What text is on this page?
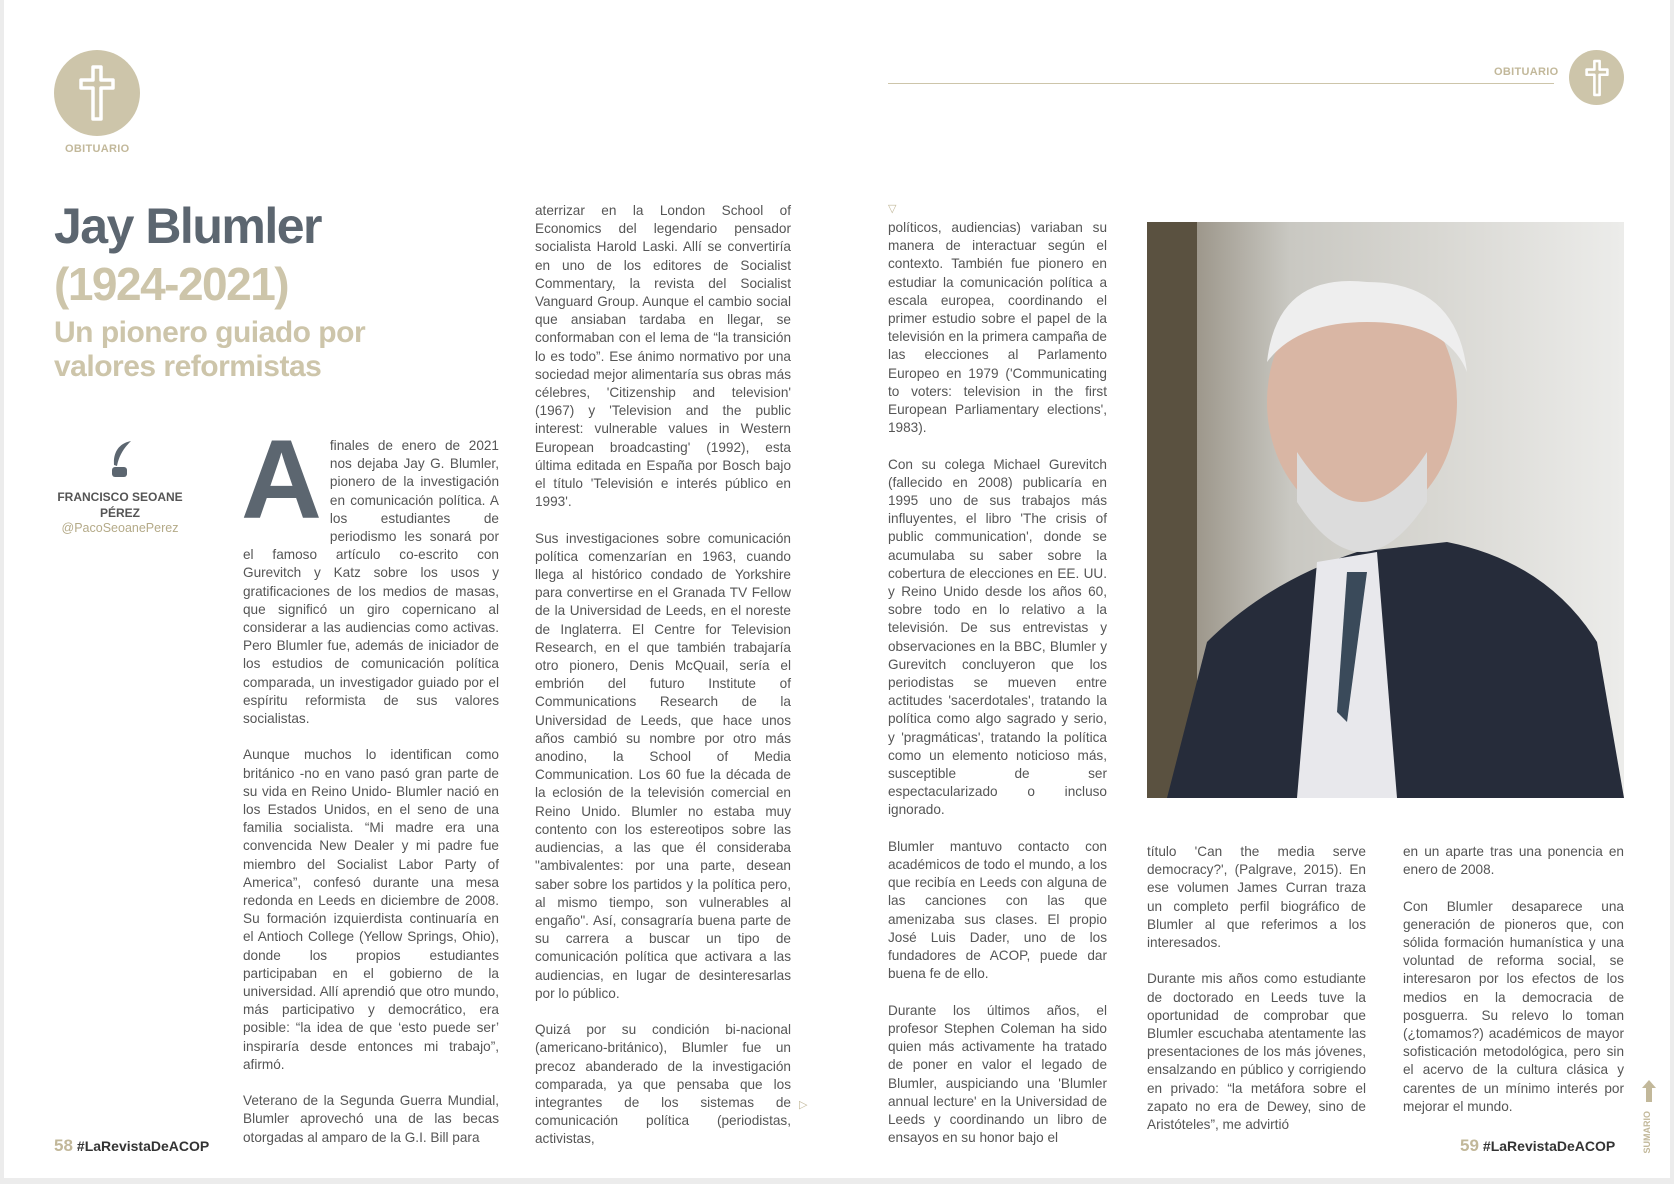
OBITUARIO
OBITUARIO
Jay Blumler
(1924-2021)
Un pionero guiado por valores reformistas
FRANCISCO SEOANE PÉREZ
@PacoSeoanePerez A finales de enero de 2021 nos dejaba Jay G. Blumler, pionero de la investigación en comunicación política. A los estudiantes de periodismo les sonará por el famoso artículo co-escrito con Gurevitch y Katz sobre los usos y gratificaciones de los medios de masas, que significó un giro copernicano al considerar a las audiencias como activas. Pero Blumler fue, además de iniciador de los estudios de comunicación política comparada, un investigador guiado por el espíritu reformista de sus valores socialistas.

Aunque muchos lo identifican como británico -no en vano pasó gran parte de su vida en Reino Unido- Blumler nació en los Estados Unidos, en el seno de una familia socialista. “Mi madre era una convencida New Dealer y mi padre fue miembro del Socialist Labor Party of America”, confesó durante una mesa redonda en Leeds en diciembre de 2008. Su formación izquierdista continuaría en el Antioch College (Yellow Springs, Ohio), donde los propios estudiantes participaban en el gobierno de la universidad. Allí aprendió que otro mundo, más participativo y democrático, era posible: “la idea de que ‘esto puede ser’ inspiraría desde entonces mi trabajo”, afirmó.

Veterano de la Segunda Guerra Mundial, Blumler aprovechó una de las becas otorgadas al amparo de la G.I. Bill para

aterrizar en la London School of Economics del legendario pensador socialista Harold Laski. Allí se convertiría en uno de los editores de Socialist Commentary, la revista del Socialist Vanguard Group. Aunque el cambio social que ansiaban tardaba en llegar, se conformaban con el lema de “la transición lo es todo”. Ese ánimo normativo por una sociedad mejor alimentaría sus obras más célebres, 'Citizenship and television' (1967) y 'Television and the public interest: vulnerable values in Western European broadcasting' (1992), esta última editada en España por Bosch bajo el título 'Televisión e interés público en 1993'.

Sus investigaciones sobre comunicación política comenzarían en 1963, cuando llega al histórico condado de Yorkshire para convertirse en el Granada TV Fellow de la Universidad de Leeds, en el noreste de Inglaterra. El Centre for Television Research, en el que también trabajaría otro pionero, Denis McQuail, sería el embrión del futuro Institute of Communications Research de la Universidad de Leeds, que hace unos años cambió su nombre por otro más anodino, la School of Media Communication. Los 60 fue la década de la eclosión de la televisión comercial en Reino Unido. Blumler no estaba muy contento con los estereotipos sobre las audiencias, a las que él consideraba "ambivalentes: por una parte, desean saber sobre los partidos y la política pero, al mismo tiempo, son vulnerables al engaño". Así, consagraría buena parte de su carrera a buscar un tipo de comunicación política que activara a las audiencias, en lugar de desinteresarlas por lo público.

Quizá por su condición bi-nacional (americano-británico), Blumler fue un precoz abanderado de la investigación comparada, ya que pensaba que los integrantes de los sistemas de comunicación política (periodistas, activistas,

▷
▽

políticos, audiencias) variaban su manera de interactuar según el contexto. También fue pionero en estudiar la comunicación política a escala europea, coordinando el primer estudio sobre el papel de la televisión en la primera campaña de las elecciones al Parlamento Europeo en 1979 ('Communicating to voters: television in the first European Parliamentary elections', 1983).

Con su colega Michael Gurevitch (fallecido en 2008) publicaría en 1995 uno de sus trabajos más influyentes, el libro 'The crisis of public communication', donde se acumulaba su saber sobre la cobertura de elecciones en EE. UU. y Reino Unido desde los años 60, sobre todo en lo relativo a la televisión. De sus entrevistas y observaciones en la BBC, Blumler y Gurevitch concluyeron que los periodistas se mueven entre actitudes 'sacerdotales', tratando la política como algo sagrado y serio, y 'pragmáticas', tratando la política como un elemento noticioso más, susceptible de ser espectacularizado o incluso ignorado.

Blumler mantuvo contacto con académicos de todo el mundo, a los que recibía en Leeds con alguna de las canciones con las que amenizaba sus clases. El propio José Luis Dader, uno de los fundadores de ACOP, puede dar buena fe de ello.

Durante los últimos años, el profesor Stephen Coleman ha sido quien más activamente ha tratado de poner en valor el legado de Blumler, auspiciando una 'Blumler annual lecture' en la Universidad de Leeds y coordinando un libro de ensayos en su honor bajo el

título 'Can the media serve democracy?', (Palgrave, 2015). En ese volumen James Curran traza un completo perfil biográfico de Blumler al que referimos a los interesados.

Durante mis años como estudiante de doctorado en Leeds tuve la oportunidad de comprobar que Blumler escuchaba atentamente las presentaciones de los más jóvenes, ensalzando en público y corrigiendo en privado: “la metáfora sobre el zapato no era de Dewey, sino de Aristóteles”, me advirtió

en un aparte tras una ponencia en enero de 2008.

Con Blumler desaparece una generación de pioneros que, con sólida formación humanística y una voluntad de reforma social, se interesaron por los efectos de los medios en la democracia de posguerra. Su relevo lo toman (¿tomamos?) académicos de mayor sofisticación metodológica, pero sin el acervo de la cultura clásica y carentes de un mínimo interés por mejorar el mundo.

SUMARIO
58 #LaRevistaDeACOP	59 #LaRevistaDeACOP
